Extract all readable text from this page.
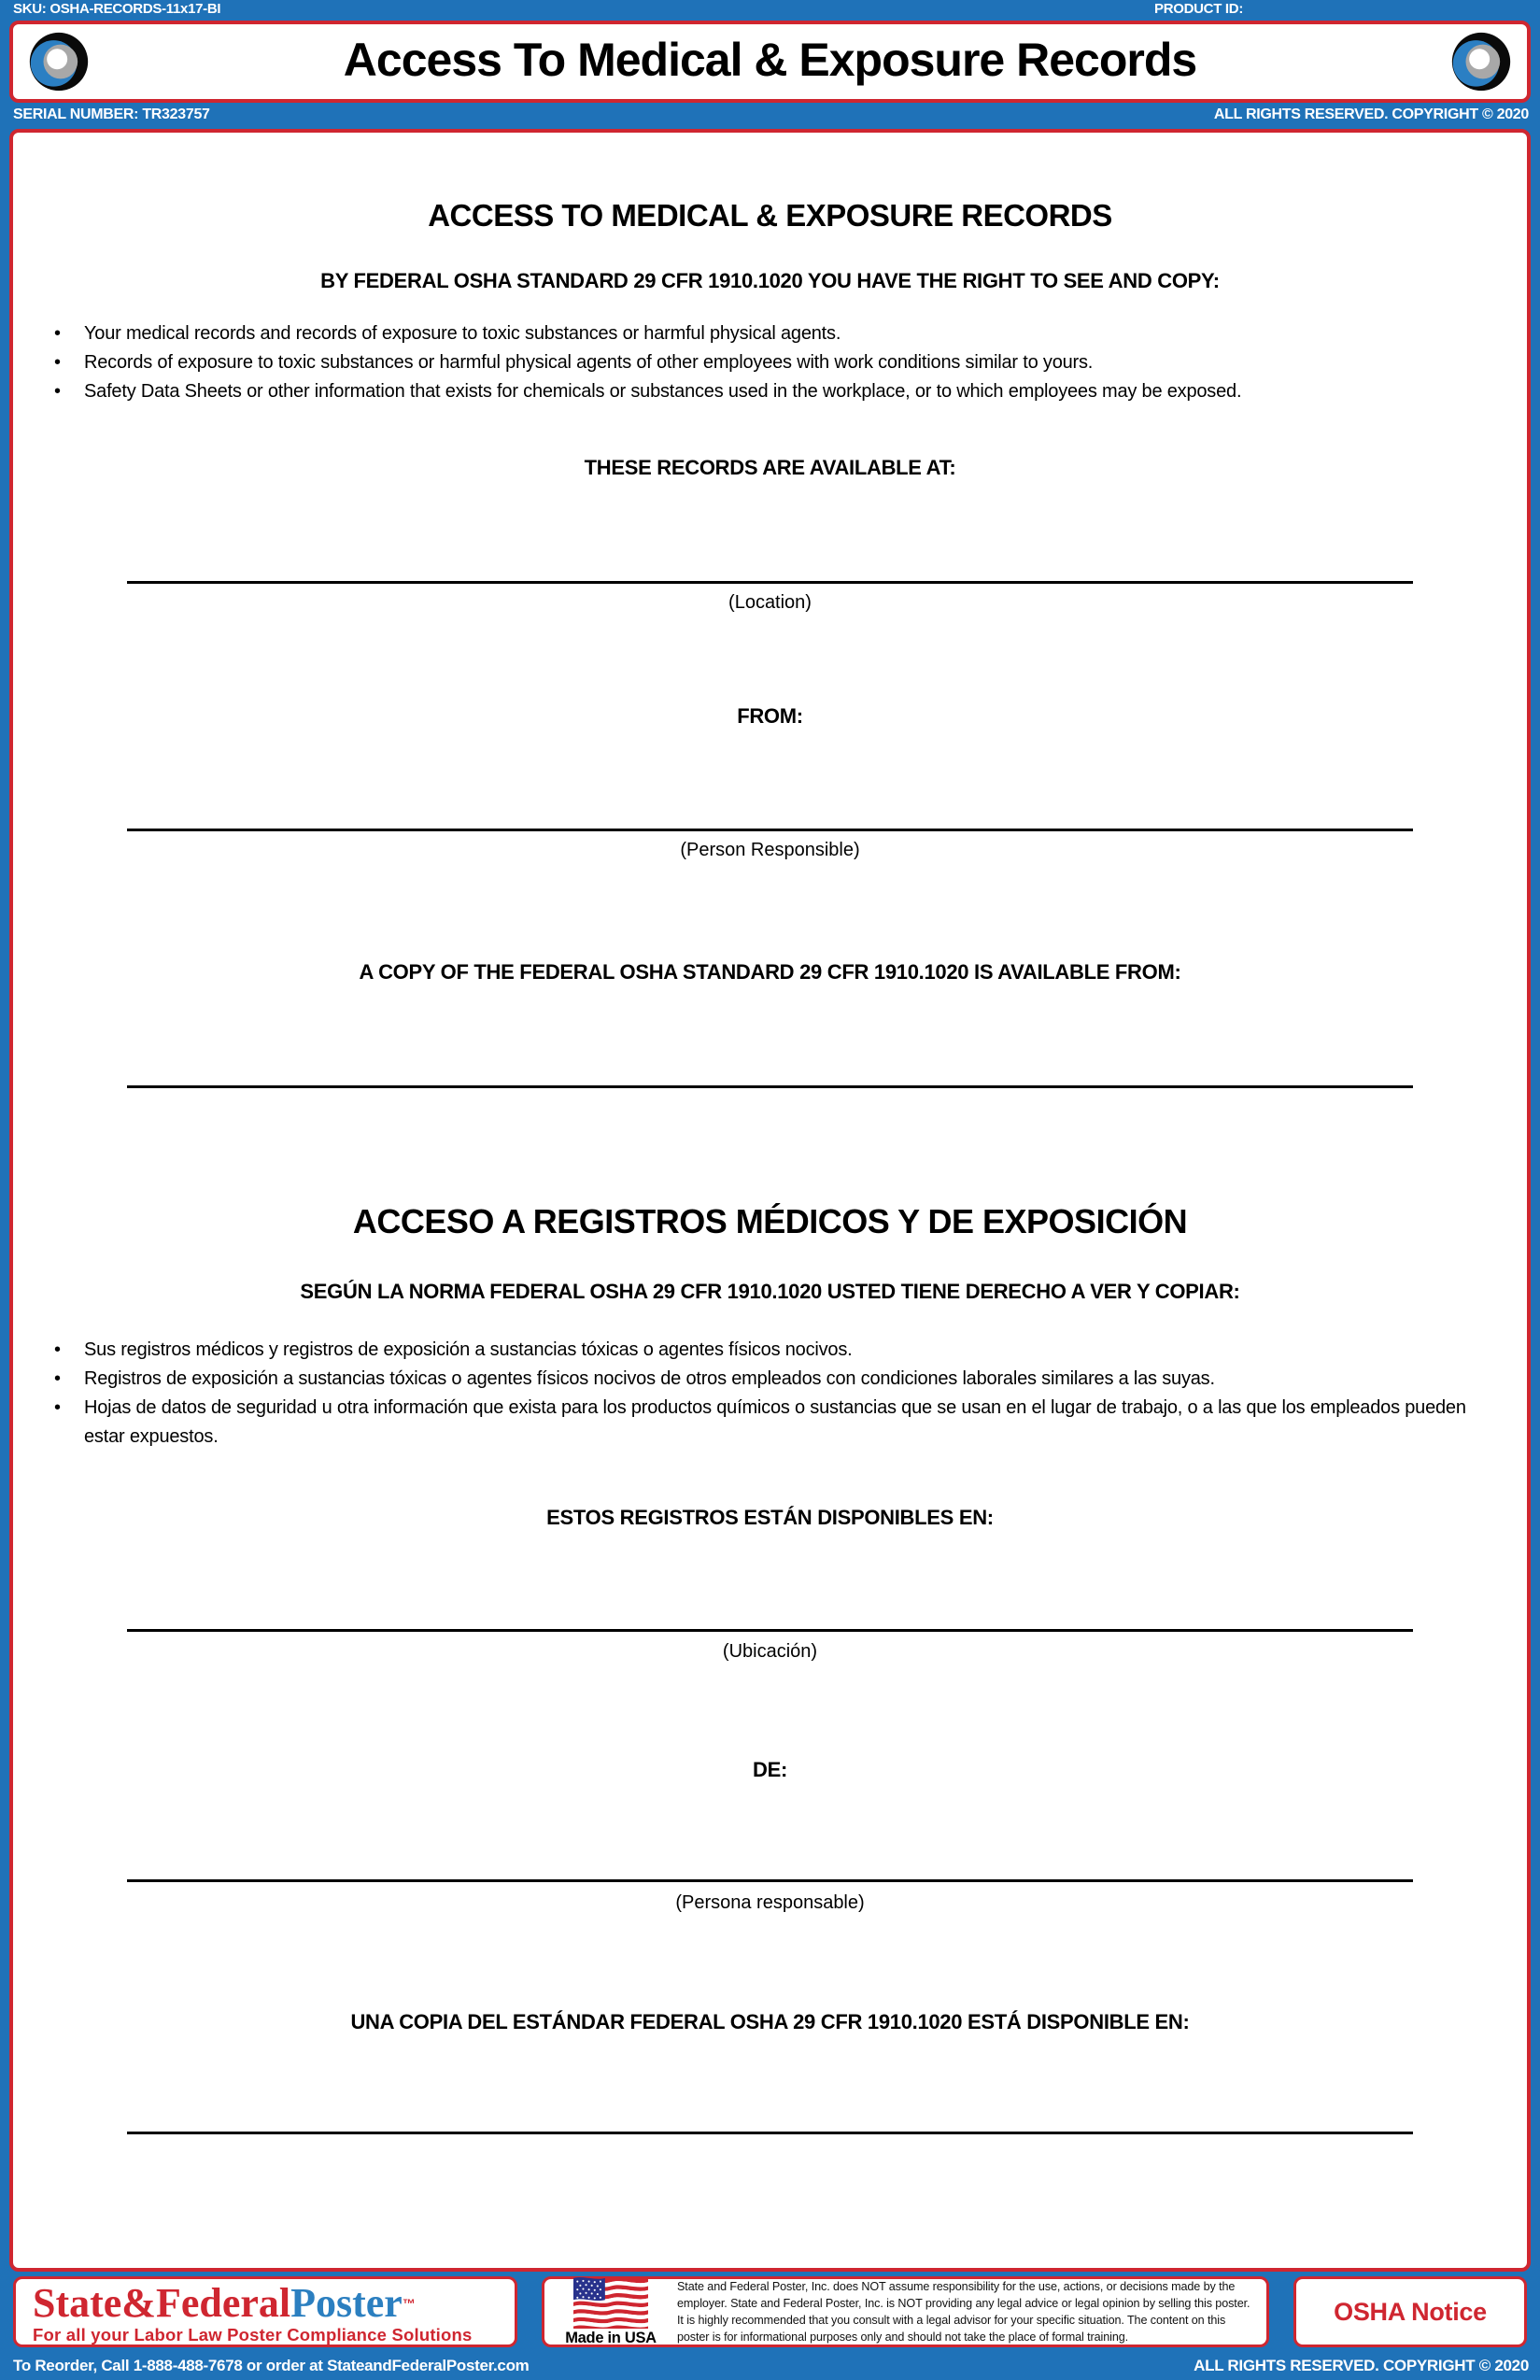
SKU: OSHA-RECORDS-11x17-BI	PRODUCT ID:
Access To Medical & Exposure Records
SERIAL NUMBER: TR323757	ALL RIGHTS RESERVED. COPYRIGHT © 2020
ACCESS TO MEDICAL & EXPOSURE RECORDS
BY FEDERAL OSHA STANDARD 29 CFR 1910.1020 YOU HAVE THE RIGHT TO SEE AND COPY:
• Your medical records and records of exposure to toxic substances or harmful physical agents.
• Records of exposure to toxic substances or harmful physical agents of other employees with work conditions similar to yours.
• Safety Data Sheets or other information that exists for chemicals or substances used in the workplace, or to which employees may be exposed.
THESE RECORDS ARE AVAILABLE AT:
(Location)
FROM:
(Person Responsible)
A COPY OF THE FEDERAL OSHA STANDARD 29 CFR 1910.1020 IS AVAILABLE FROM:
ACCESO A REGISTROS MÉDICOS Y DE EXPOSICIÓN
SEGÚN LA NORMA FEDERAL OSHA 29 CFR 1910.1020 USTED TIENE DERECHO A VER Y COPIAR:
• Sus registros médicos y registros de exposición a sustancias tóxicas o agentes físicos nocivos.
• Registros de exposición a sustancias tóxicas o agentes físicos nocivos de otros empleados con condiciones laborales similares a las suyas.
• Hojas de datos de seguridad u otra información que exista para los productos químicos o sustancias que se usan en el lugar de trabajo, o a las que los empleados pueden estar expuestos.
ESTOS REGISTROS ESTÁN DISPONIBLES EN:
(Ubicación)
DE:
(Persona responsable)
UNA COPIA DEL ESTÁNDAR FEDERAL OSHA 29 CFR 1910.1020 ESTÁ DISPONIBLE EN:
State&FederalPoster™
For all your Labor Law Poster Compliance Solutions	Made in USA

State and Federal Poster, Inc. does NOT assume responsibility for the use, actions, or decisions made by the employer. State and Federal Poster, Inc. is NOT providing any legal advice or legal opinion by selling this poster. It is highly recommended that you consult with a legal advisor for your specific situation. The content on this poster is for informational purposes only and should not take the place of formal training.

OSHA Notice
To Reorder, Call 1-888-488-7678 or order at StateandFederalPoster.com	ALL RIGHTS RESERVED. COPYRIGHT © 2020
